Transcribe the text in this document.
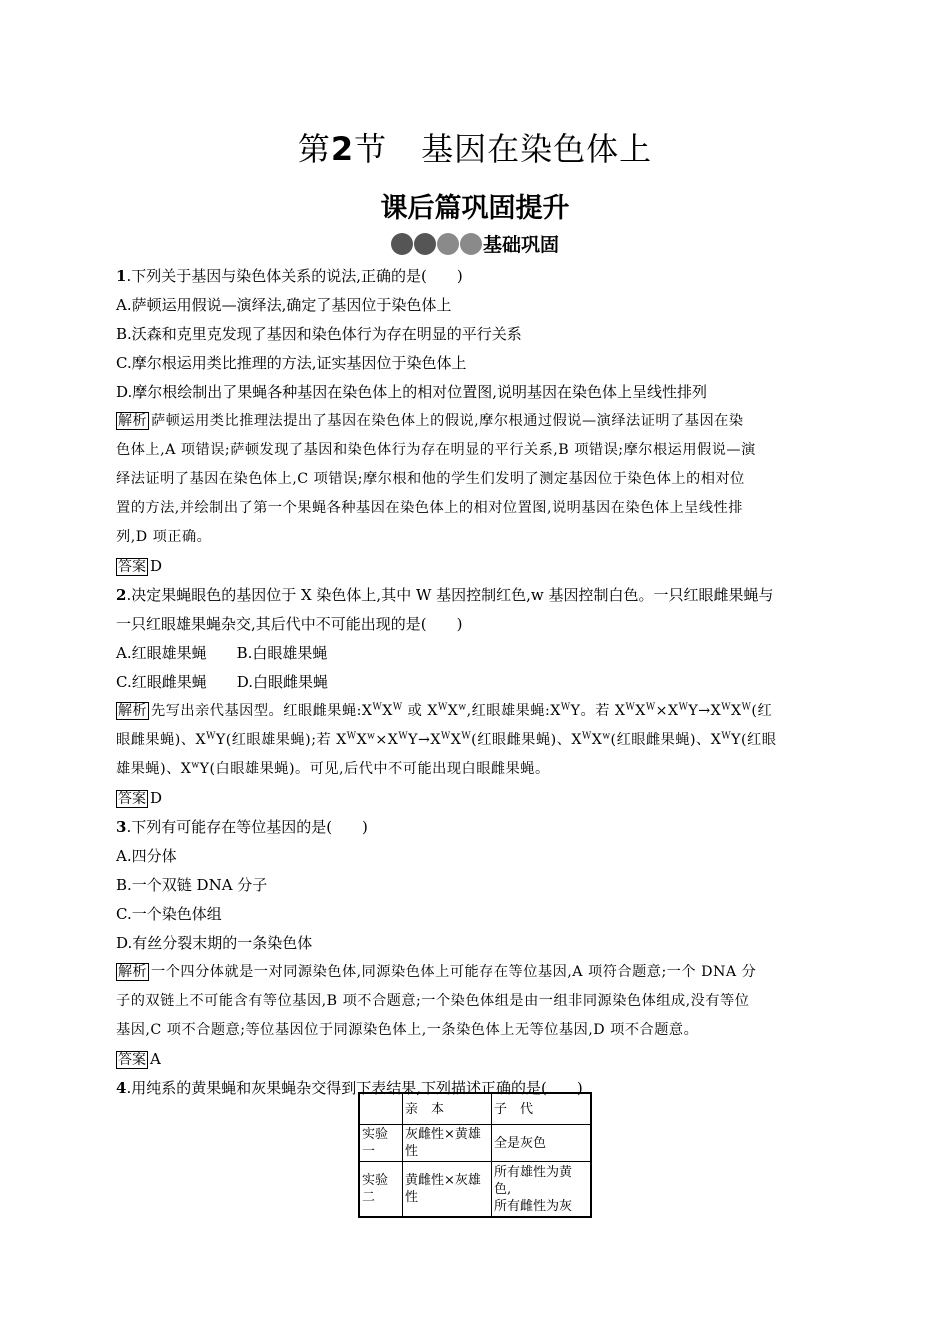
第2节 基因在染色体上
课后篇巩固提升
基础巩固
1.下列关于基因与染色体关系的说法,正确的是(　　)
A.萨顿运用假说—演绎法,确定了基因位于染色体上
B.沃森和克里克发现了基因和染色体行为存在明显的平行关系
C.摩尔根运用类比推理的方法,证实基因位于染色体上
D.摩尔根绘制出了果蝇各种基因在染色体上的相对位置图,说明基因在染色体上呈线性排列
解析 萨顿运用类比推理法提出了基因在染色体上的假说,摩尔根通过假说—演绎法证明了基因在染
色体上,A 项错误;萨顿发现了基因和染色体行为存在明显的平行关系,B 项错误;摩尔根运用假说—演
绎法证明了基因在染色体上,C 项错误;摩尔根和他的学生们发明了测定基因位于染色体上的相对位
置的方法,并绘制出了第一个果蝇各种基因在染色体上的相对位置图,说明基因在染色体上呈线性排
列,D 项正确。
答案 D
2.决定果蝇眼色的基因位于 X 染色体上,其中 W 基因控制红色,w 基因控制白色。一只红眼雌果蝇与
一只红眼雄果蝇杂交,其后代中不可能出现的是(　　)
A.红眼雄果蝇　　B.白眼雄果蝇
C.红眼雌果蝇　　D.白眼雌果蝇
解析 先写出亲代基因型。红眼雌果蝇$:X^WX^W$ 或 $X^WX^w$,红眼雄果蝇$:X^WY$。若 $X^WX^W\times X^WY\to X^WX^W$(红
眼雌果蝇)、$X^WY$(红眼雄果蝇);若 $X^WX^w\times X^WY\to X^WX^W$(红眼雌果蝇)、$X^WX^w$(红眼雌果蝇)、$X^WY$(红眼
雄果蝇)、$X^wY$(白眼雄果蝇)。可见,后代中不可能出现白眼雌果蝇。
答案 D
3.下列有可能存在等位基因的是(　　)
A.四分体
B.一个双链 DNA 分子
C.一个染色体组
D.有丝分裂末期的一条染色体
解析 一个四分体就是一对同源染色体,同源染色体上可能存在等位基因,A 项符合题意;一个 DNA 分
子的双链上不可能含有等位基因,B 项不合题意;一个染色体组是由一组非同源染色体组成,没有等位
基因,C 项不合题意;等位基因位于同源染色体上,一条染色体上无等位基因,D 项不合题意。
答案 A
4.用纯系的黄果蝇和灰果蝇杂交得到下表结果,下列描述正确的是(　　)
	亲　本	子　代
实验一	灰雌性×黄雄性	全是灰色
实验二	黄雌性×灰雄性	所有雄性为黄色,
所有雌性为灰
